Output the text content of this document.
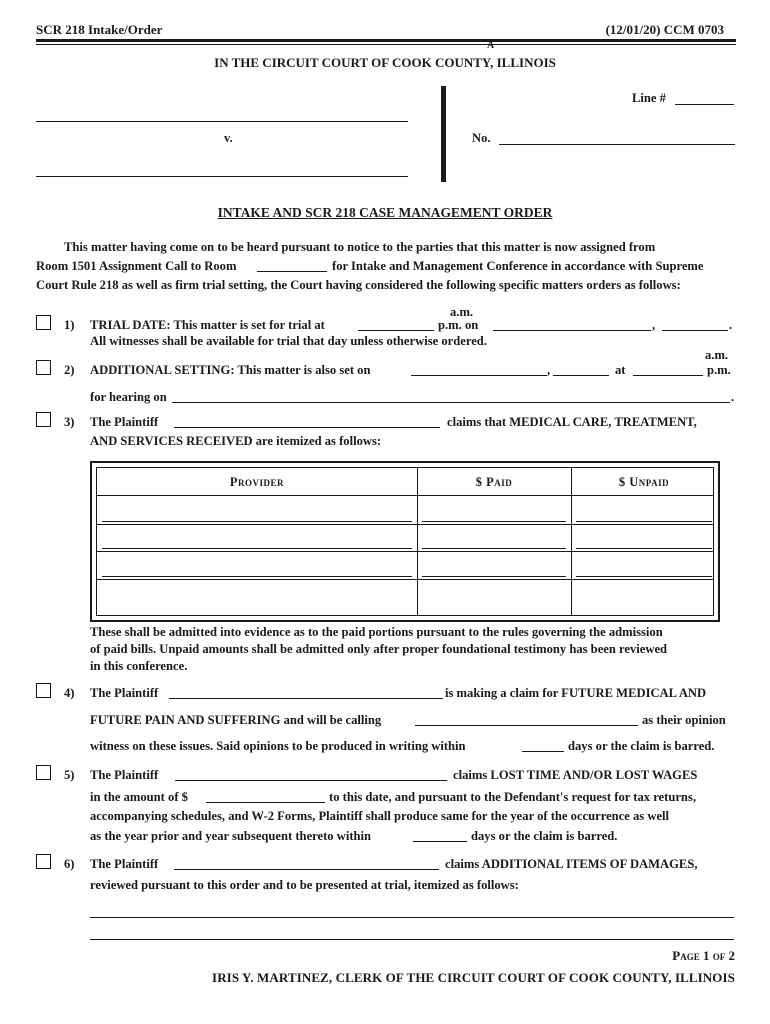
SCR 218 Intake/Order	(12/01/20) CCM 0703
A
IN THE CIRCUIT COURT OF COOK COUNTY, ILLINOIS
Line #
v.	No.
INTAKE AND SCR 218 CASE MANAGEMENT ORDER
This matter having come on to be heard pursuant to notice to the parties that this matter is now assigned from
Room 1501 Assignment Call to Room	for Intake and Management Conference in accordance with Supreme
Court Rule 218 as well as firm trial setting, the Court having considered the following specific matters orders as follows:
a.m.
1) TRIAL DATE: This matter is set for trial at	p.m. on	,	.
All witnesses shall be available for trial that day unless otherwise ordered.
a.m.
2) ADDITIONAL SETTING: This matter is also set on	,	at	p.m.
for hearing on	.
3) The Plaintiff	claims that MEDICAL CARE, TREATMENT,
AND SERVICES RECEIVED are itemized as follows:
Provider	$ Paid	$ Unpaid
These shall be admitted into evidence as to the paid portions pursuant to the rules governing the admission
of paid bills. Unpaid amounts shall be admitted only after proper foundational testimony has been reviewed
in this conference.
4) The Plaintiff	is making a claim for FUTURE MEDICAL AND
FUTURE PAIN AND SUFFERING and will be calling	as their opinion
witness on these issues. Said opinions to be produced in writing within	days or the claim is barred.
5) The Plaintiff	claims LOST TIME AND/OR LOST WAGES
in the amount of $	to this date, and pursuant to the Defendant's request for tax returns,
accompanying schedules, and W-2 Forms, Plaintiff shall produce same for the year of the occurrence as well
as the year prior and year subsequent thereto within	days or the claim is barred.
6) The Plaintiff	claims ADDITIONAL ITEMS OF DAMAGES,
reviewed pursuant to this order and to be presented at trial, itemized as follows:
Page 1 of 2
IRIS Y. MARTINEZ, CLERK OF THE CIRCUIT COURT OF COOK COUNTY, ILLINOIS
